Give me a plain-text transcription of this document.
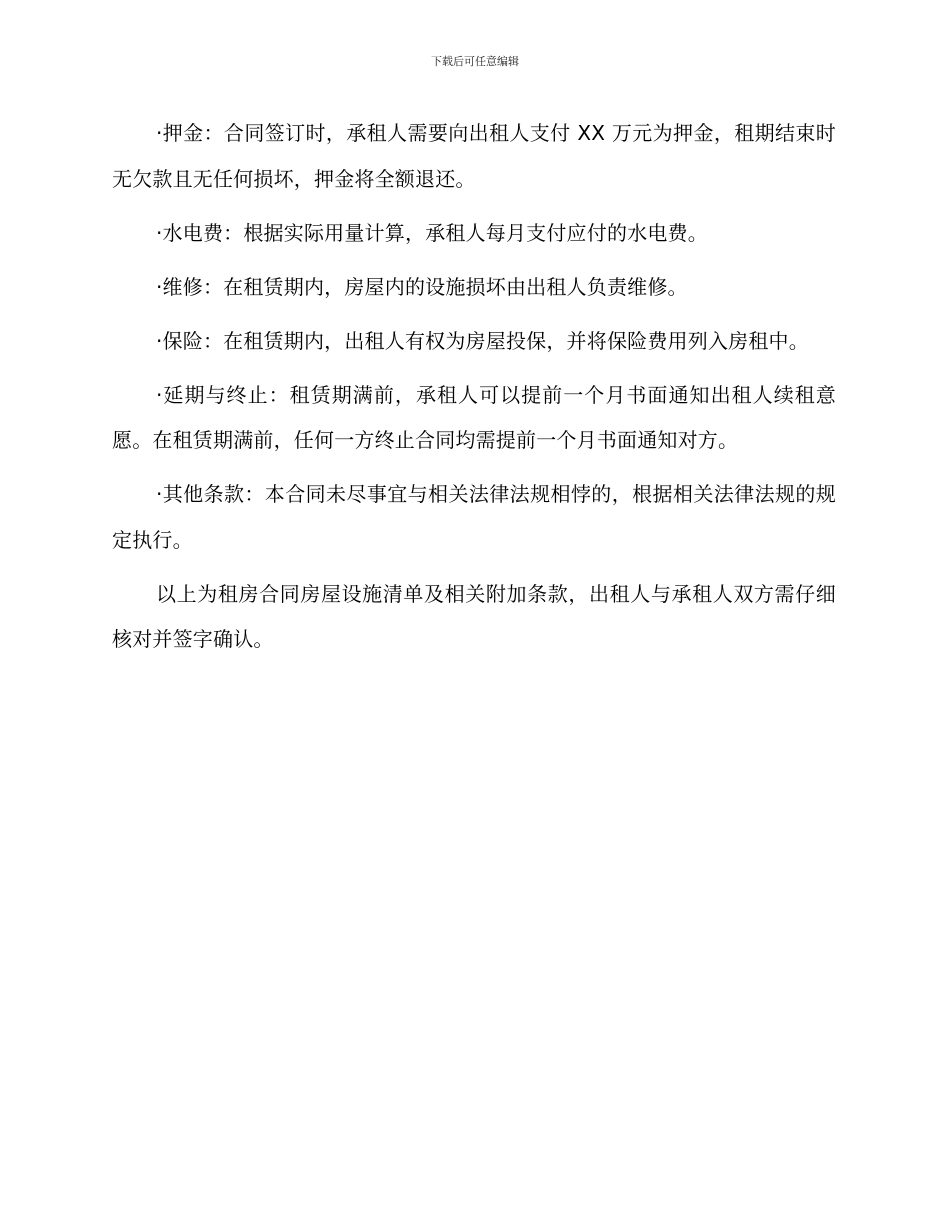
下载后可任意编辑

·押金：合同签订时，承租人需要向出租人支付 XX 万元为押金，租期结束时无欠款且无任何损坏，押金将全额退还。

·水电费：根据实际用量计算，承租人每月支付应付的水电费。

·维修：在租赁期内，房屋内的设施损坏由出租人负责维修。

·保险：在租赁期内，出租人有权为房屋投保，并将保险费用列入房租中。

·延期与终止：租赁期满前，承租人可以提前一个月书面通知出租人续租意愿。在租赁期满前，任何一方终止合同均需提前一个月书面通知对方。

·其他条款：本合同未尽事宜与相关法律法规相悖的，根据相关法律法规的规定执行。

以上为租房合同房屋设施清单及相关附加条款，出租人与承租人双方需仔细核对并签字确认。
